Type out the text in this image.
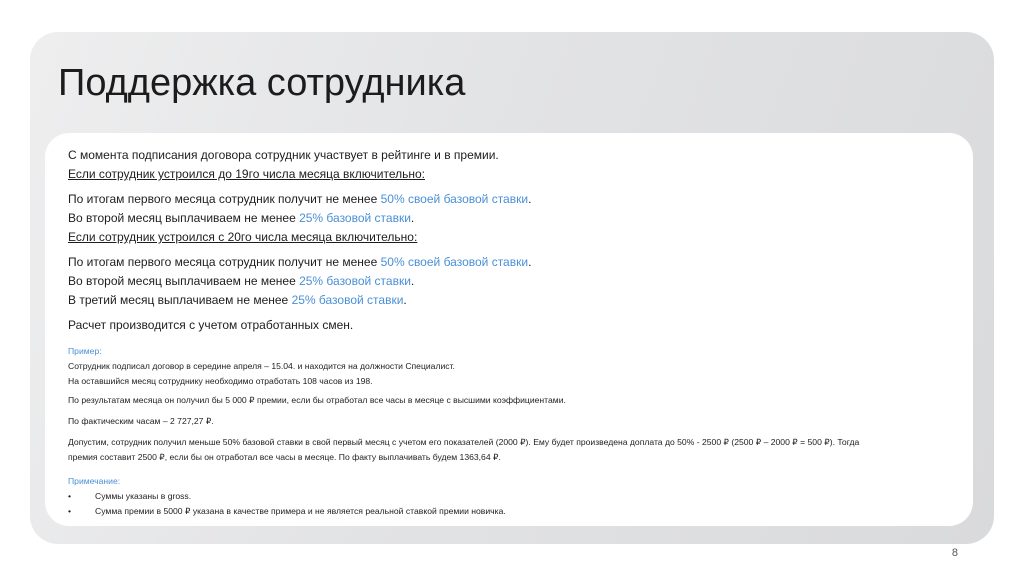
Поддержка сотрудника
С момента подписания договора сотрудник участвует в рейтинге и в премии.
Если сотрудник устроился до 19го числа месяца включительно:
По итогам первого месяца сотрудник получит не менее 50% своей базовой ставки.
Во второй месяц выплачиваем не менее 25% базовой ставки.
Если сотрудник устроился с 20го числа месяца включительно:
По итогам первого месяца сотрудник получит не менее 50% своей базовой ставки.
Во второй месяц выплачиваем не менее 25% базовой ставки.
В третий месяц выплачиваем не менее 25% базовой ставки.
Расчет производится с учетом отработанных смен.
Пример:
Сотрудник подписал договор в середине апреля – 15.04. и находится на должности Специалист.
На оставшийся месяц сотруднику необходимо отработать 108 часов из 198.
По результатам месяца он получил бы 5 000 ₽ премии, если бы отработал все часы в месяце с высшими коэффициентами.
По фактическим часам – 2 727,27 ₽.
Допустим, сотрудник получил меньше 50% базовой ставки в свой первый месяц с учетом его показателей (2000 ₽). Ему будет произведена доплата до 50% - 2500 ₽ (2500 ₽ – 2000 ₽ = 500 ₽). Тогда
премия составит 2500 ₽, если бы он отработал все часы в месяце. По факту выплачивать будем 1363,64 ₽.
Примечание:
•	Суммы указаны в gross.
•	Сумма премии в 5000 ₽ указана в качестве примера и не является реальной ставкой премии новичка.
8
